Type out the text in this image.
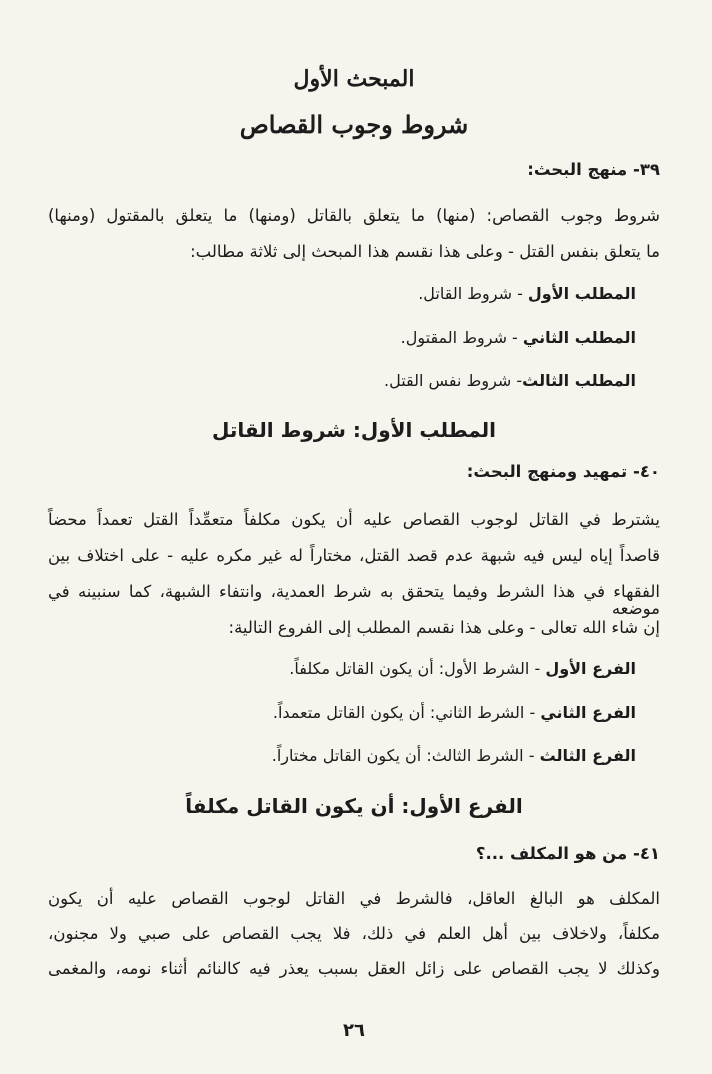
المبحث الأول
شروط وجوب القصاص
٣٩- منهج البحث:
شروط وجوب القصاص: (منها) ما يتعلق بالقاتل (ومنها) ما يتعلق بالمقتول (ومنها)
ما يتعلق بنفس القتل - وعلى هذا نقسم هذا المبحث إلى ثلاثة مطالب:
المطلب الأول - شروط القاتل.
المطلب الثاني - شروط المقتول.
المطلب الثالث- شروط نفس القتل.
المطلب الأول: شروط القاتل
٤٠- تمهيد ومنهج البحث:
يشترط في القاتل لوجوب القصاص عليه أن يكون مكلفاً متعمِّداً القتل تعمداً محضاً
قاصداً إياه ليس فيه شبهة عدم قصد القتل، مختاراً له غير مكره عليه - على اختلاف بين
الفقهاء في هذا الشرط وفيما يتحقق به شرط العمدية، وانتفاء الشبهة، كما سنبينه في موضعه
إن شاء الله تعالى - وعلى هذا نقسم المطلب إلى الفروع التالية:
الفرع الأول - الشرط الأول: أن يكون القاتل مكلفاً.
الفرع الثاني - الشرط الثاني: أن يكون القاتل متعمداً.
الفرع الثالث - الشرط الثالث: أن يكون القاتل مختاراً.
الفرع الأول: أن يكون القاتل مكلفاً
٤١- من هو المكلف ...؟
المكلف هو البالغ العاقل، فالشرط في القاتل لوجوب القصاص عليه أن يكون
مكلفاً، ولاخلاف بين أهل العلم في ذلك، فلا يجب القصاص على صبي ولا مجنون،
وكذلك لا يجب القصاص على زائل العقل بسبب يعذر فيه كالنائم أثناء نومه، والمغمى
٢٦
